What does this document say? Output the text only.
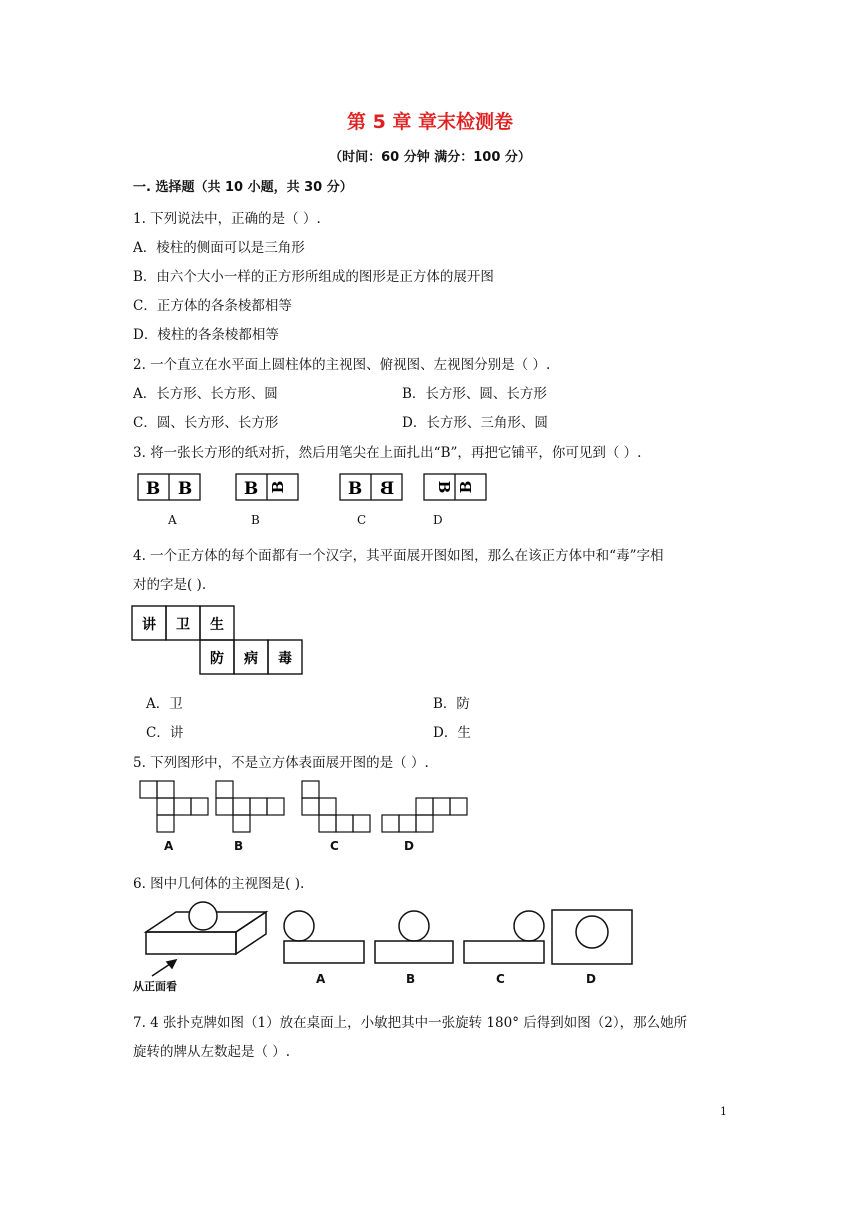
第 5 章 章末检测卷
（时间：60 分钟 满分：100 分）
一. 选择题（共 10 小题，共 30 分）
1. 下列说法中，正确的是（ ）.
A．棱柱的侧面可以是三角形
B．由六个大小一样的正方形所组成的图形是正方体的展开图
C．正方体的各条棱都相等
D．棱柱的各条棱都相等
2. 一个直立在水平面上圆柱体的主视图、俯视图、左视图分别是（ ）.
A．长方形、长方形、圆	B．长方形、圆、长方形
C．圆、长方形、长方形	D．长方形、三角形、圆
3. 将一张长方形的纸对折，然后用笔尖在上面扎出“B”，再把它铺平，你可见到（ ）.
B B	B B	B B	B B
A	B	C	D
4. 一个正方体的每个面都有一个汉字，其平面展开图如图，那么在该正方体中和“毒”字相
对的字是( ).
讲 卫 生
防 病 毒
A．卫	B．防
C．讲	D．生
5. 下列图形中，不是立方体表面展开图的是（ ）.
A	B	C	D
6. 图中几何体的主视图是( ).
从正面看
A	B	C	D
7. 4 张扑克牌如图（1）放在桌面上，小敏把其中一张旋转 180° 后得到如图（2），那么她所
旋转的牌从左数起是（ ）.
1
